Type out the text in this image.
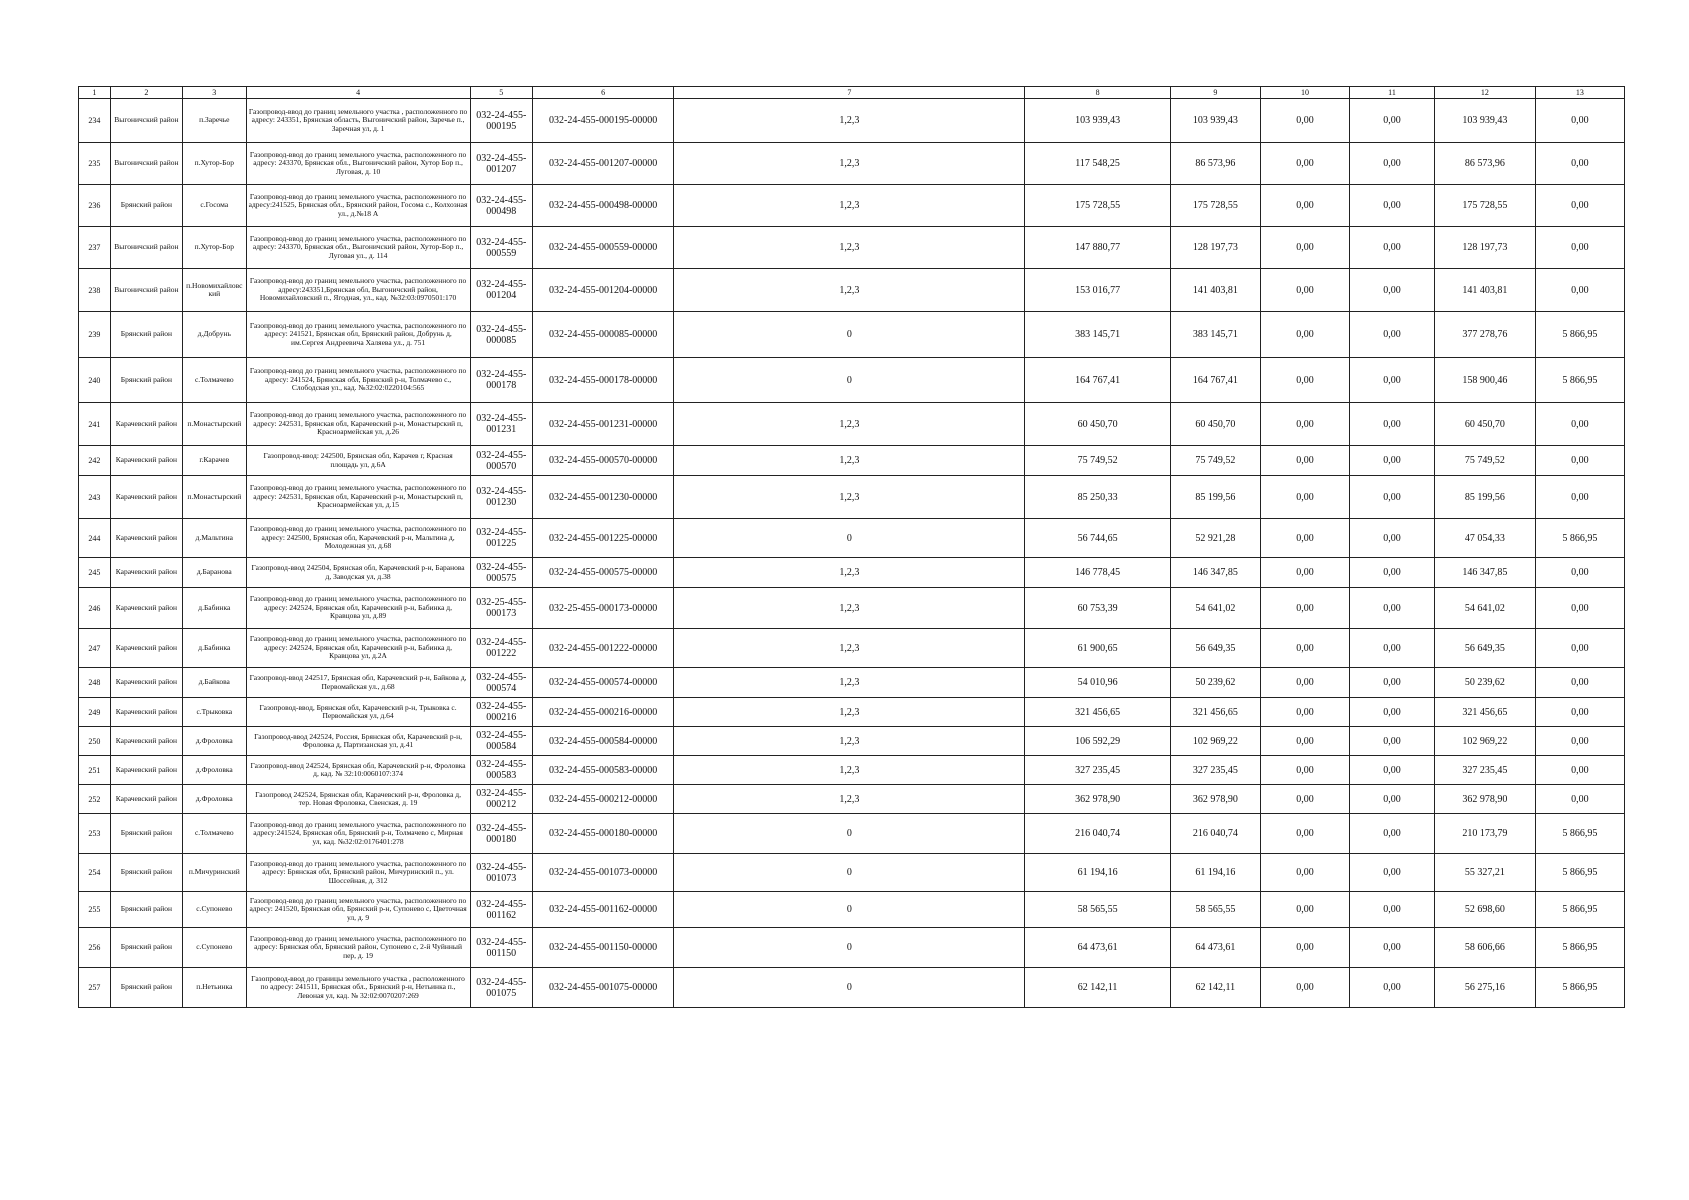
1	2	3	4	5	6	7	8	9	10	11	12	13
234	Выгоничский район	п.Заречье	Газопровод-ввод до границ земельного участка , расположенного по адресу: 243351, Брянская область, Выгоничский район, Заречье п., Заречная ул, д. 1	032-24-455-000195	032-24-455-000195-00000	1,2,3	103 939,43	103 939,43	0,00	0,00	103 939,43	0,00
235	Выгоничский район	п.Хутор-Бор	Газопровод-ввод до границ земельного участка, расположенного по адресу: 243370, Брянская обл., Выгоничский район, Хутор Бор п., Луговая, д. 10	032-24-455-001207	032-24-455-001207-00000	1,2,3	117 548,25	86 573,96	0,00	0,00	86 573,96	0,00
236	Брянский район	с.Госома	Газопровод-ввод до границ земельного участка, расположенного по адресу:241525, Брянская обл., Брянский район, Госома с., Колхозная ул., д.№18 А	032-24-455-000498	032-24-455-000498-00000	1,2,3	175 728,55	175 728,55	0,00	0,00	175 728,55	0,00
237	Выгоничский район	п.Хутор-Бор	Газопровод-ввод до границ земельного участка, расположенного по адресу: 243370, Брянская обл., Выгоничский район, Хутор-Бор п., Луговая ул., д. 114	032-24-455-000559	032-24-455-000559-00000	1,2,3	147 880,77	128 197,73	0,00	0,00	128 197,73	0,00
238	Выгоничский район	п.Новомихайловский	Газопровод-ввод до границ земельного участка, расположенного по адресу:243351,Брянская обл, Выгоничский район, Новомихайловский п., Ягодная, ул., кад. №32:03:0970501:170	032-24-455-001204	032-24-455-001204-00000	1,2,3	153 016,77	141 403,81	0,00	0,00	141 403,81	0,00
239	Брянский район	д.Добрунь	Газопровод-ввод до границ земельного участка, расположенного по адресу: 241521, Брянская обл, Брянский район, Добрунь д, им.Сергея Андреевича Халяева ул., д. 751	032-24-455-000085	032-24-455-000085-00000	0	383 145,71	383 145,71	0,00	0,00	377 278,76	5 866,95
240	Брянский район	с.Толмачево	Газопровод-ввод до границ земельного участка, расположенного по адресу: 241524, Брянская обл, Брянский р-н, Толмачево с., Слободская ул., кад. №32:02:0220104:565	032-24-455-000178	032-24-455-000178-00000	0	164 767,41	164 767,41	0,00	0,00	158 900,46	5 866,95
241	Карачевский район	п.Монастырский	Газопровод-ввод до границ земельного участка, расположенного по адресу: 242531, Брянская обл, Карачевский р-н, Монастырский п, Красноармейская ул, д.26	032-24-455-001231	032-24-455-001231-00000	1,2,3	60 450,70	60 450,70	0,00	0,00	60 450,70	0,00
242	Карачевский район	г.Карачев	Газопровод-ввод: 242500, Брянская обл, Карачев г, Красная площадь ул, д.6А	032-24-455-000570	032-24-455-000570-00000	1,2,3	75 749,52	75 749,52	0,00	0,00	75 749,52	0,00
243	Карачевский район	п.Монастырский	Газопровод-ввод до границ земельного участка, расположенного по адресу: 242531, Брянская обл, Карачевский р-н, Монастырский п, Красноармейская ул, д.15	032-24-455-001230	032-24-455-001230-00000	1,2,3	85 250,33	85 199,56	0,00	0,00	85 199,56	0,00
244	Карачевский район	д.Мальтина	Газопровод-ввод до границ земельного участка, расположенного по адресу: 242500, Брянская обл, Карачевский р-н, Мальтина д, Молодежная ул, д.68	032-24-455-001225	032-24-455-001225-00000	0	56 744,65	52 921,28	0,00	0,00	47 054,33	5 866,95
245	Карачевский район	д.Баранова	Газопровод-ввод 242504, Брянская обл, Карачевский р-н, Баранова д, Заводская ул, д.38	032-24-455-000575	032-24-455-000575-00000	1,2,3	146 778,45	146 347,85	0,00	0,00	146 347,85	0,00
246	Карачевский район	д.Бабинка	Газопровод-ввод до границ земельного участка, расположенного по адресу: 242524, Брянская обл, Карачевский р-н, Бабинка д, Кравцова ул, д.89	032-25-455-000173	032-25-455-000173-00000	1,2,3	60 753,39	54 641,02	0,00	0,00	54 641,02	0,00
247	Карачевский район	д.Бабинка	Газопровод-ввод до границ земельного участка, расположенного по адресу: 242524, Брянская обл, Карачевский р-н, Бабинка д, Кравцова ул, д.2А	032-24-455-001222	032-24-455-001222-00000	1,2,3	61 900,65	56 649,35	0,00	0,00	56 649,35	0,00
248	Карачевский район	д.Байкова	Газопровод-ввод 242517, Брянская обл, Карачевский р-н, Байкова д, Первомайская ул., д.68	032-24-455-000574	032-24-455-000574-00000	1,2,3	54 010,96	50 239,62	0,00	0,00	50 239,62	0,00
249	Карачевский район	с.Трыковка	Газопровод-ввод, Брянская обл, Карачевский р-н, Трыковка с. Первомайская ул, д.64	032-24-455-000216	032-24-455-000216-00000	1,2,3	321 456,65	321 456,65	0,00	0,00	321 456,65	0,00
250	Карачевский район	д.Фроловка	Газопровод-ввод 242524, Россия, Брянская обл, Карачевский р-н, Фроловка д, Партизанская ул, д.41	032-24-455-000584	032-24-455-000584-00000	1,2,3	106 592,29	102 969,22	0,00	0,00	102 969,22	0,00
251	Карачевский район	д.Фроловка	Газопровод-ввод 242524, Брянская обл, Карачевский р-н, Фроловка д, кад. № 32:10:0060107:374	032-24-455-000583	032-24-455-000583-00000	1,2,3	327 235,45	327 235,45	0,00	0,00	327 235,45	0,00
252	Карачевский район	д.Фроловка	Газопровод 242524, Брянская обл, Карачевский р-н, Фроловка д, тер. Новая Фроловка, Свенская, д. 19	032-24-455-000212	032-24-455-000212-00000	1,2,3	362 978,90	362 978,90	0,00	0,00	362 978,90	0,00
253	Брянский район	с.Толмачево	Газопровод-ввод до границ земельного участка, расположенного по адресу:241524, Брянская обл, Брянский р-н, Толмачево с, Мирная ул, кад. №32:02:0176401:278	032-24-455-000180	032-24-455-000180-00000	0	216 040,74	216 040,74	0,00	0,00	210 173,79	5 866,95
254	Брянский район	п.Мичуринский	Газопровод-ввод до границ земельного участка, расположенного по адресу: Брянская обл, Брянский район, Мичуринский п., ул. Шоссейная, д. 312	032-24-455-001073	032-24-455-001073-00000	0	61 194,16	61 194,16	0,00	0,00	55 327,21	5 866,95
255	Брянский район	с.Супонево	Газопровод-ввод до границ земельного участка, расположенного по адресу: 241520, Брянская обл, Брянский р-н, Супонево с, Цветочная ул, д. 9	032-24-455-001162	032-24-455-001162-00000	0	58 565,55	58 565,55	0,00	0,00	52 698,60	5 866,95
256	Брянский район	с.Супонево	Газопровод-ввод до границ земельного участка, расположенного по адресу: Брянская обл, Брянский район, Супонево с, 2-й Чуйнный пер, д. 19	032-24-455-001150	032-24-455-001150-00000	0	64 473,61	64 473,61	0,00	0,00	58 606,66	5 866,95
257	Брянский район	п.Нетьинка	Газопровод-ввод до границы земельного участка , расположенного по адресу: 241511, Брянская обл., Брянский р-н, Нетьинка п., Левоная ул, кад. № 32:02:0070207:269	032-24-455-001075	032-24-455-001075-00000	0	62 142,11	62 142,11	0,00	0,00	56 275,16	5 866,95
